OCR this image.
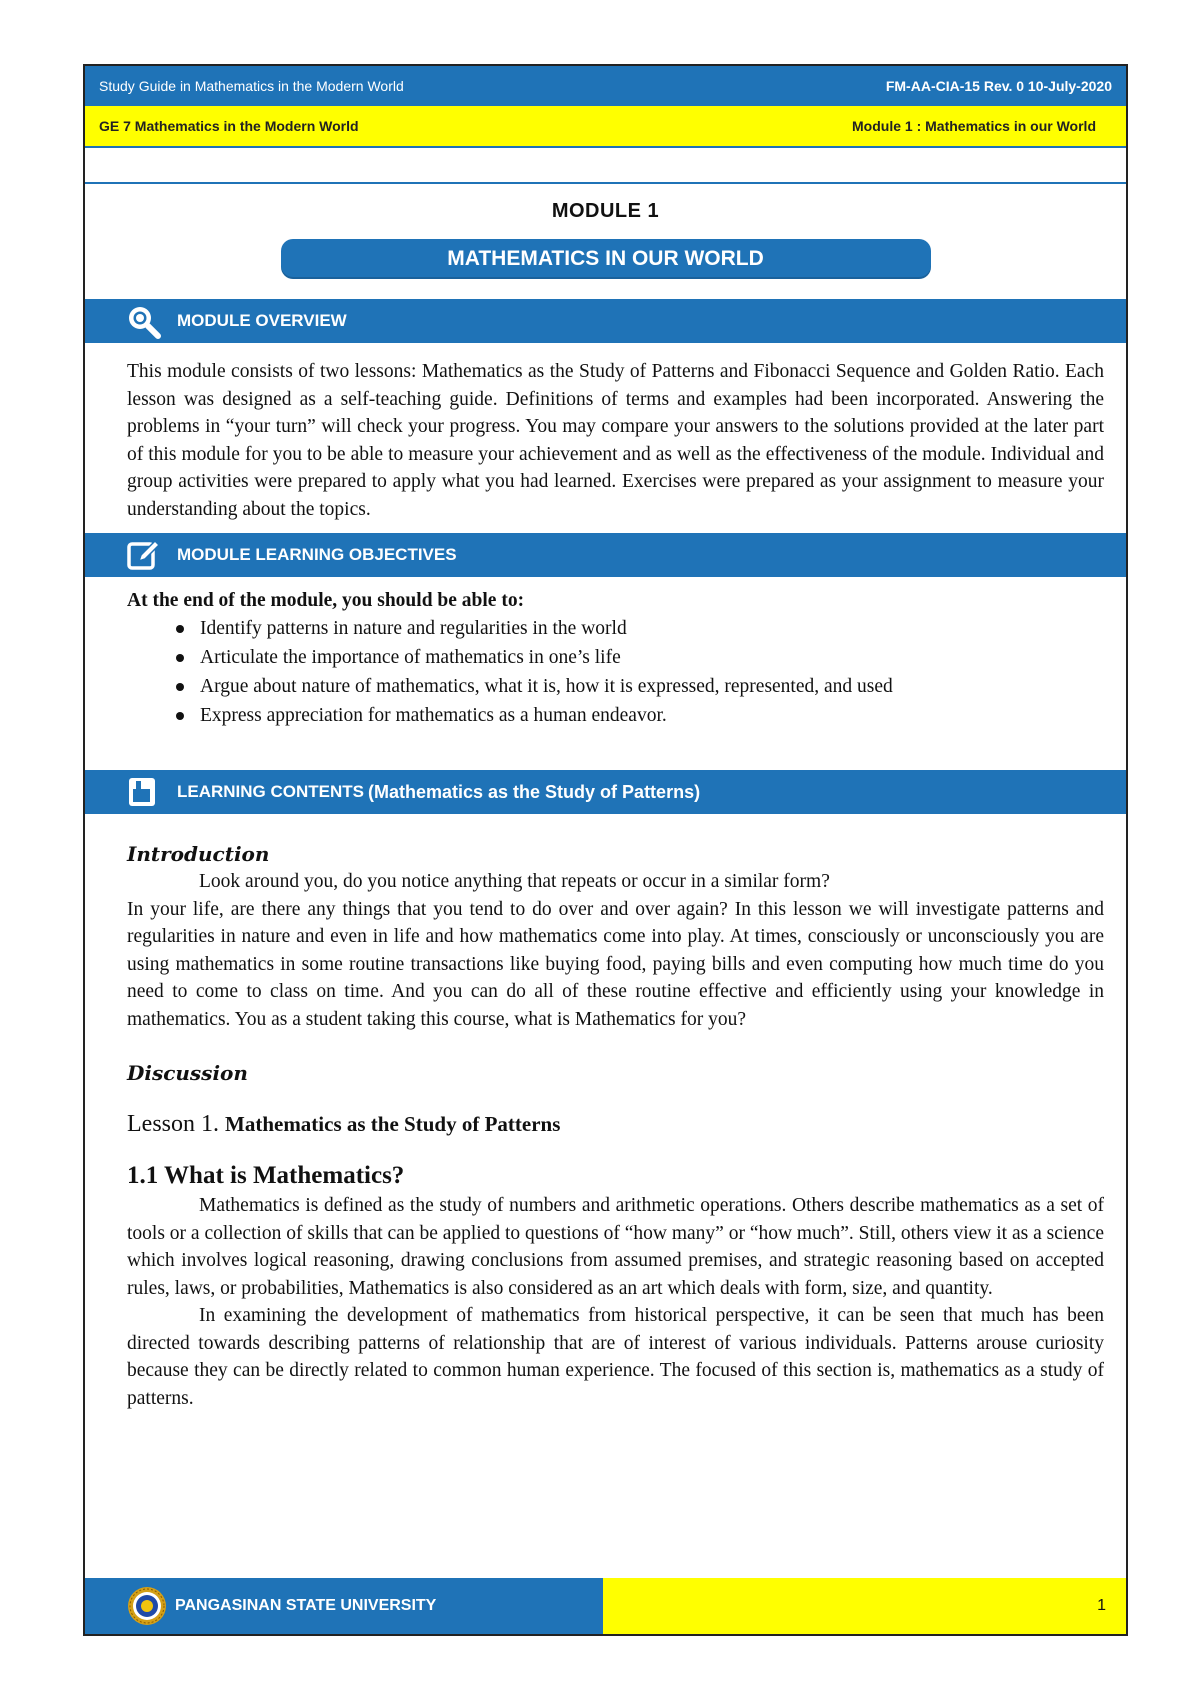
Study Guide in Mathematics in the Modern World	FM-AA-CIA-15 Rev. 0 10-July-2020
GE 7 Mathematics in the Modern World	Module 1 : Mathematics in our World
MODULE 1
MATHEMATICS IN OUR WORLD
MODULE OVERVIEW

This module consists of two lessons: Mathematics as the Study of Patterns and Fibonacci Sequence and Golden Ratio. Each lesson was designed as a self-teaching guide. Definitions of terms and examples had been incorporated. Answering the problems in “your turn” will check your progress. You may compare your answers to the solutions provided at the later part of this module for you to be able to measure your achievement and as well as the effectiveness of the module. Individual and group activities were prepared to apply what you had learned. Exercises were prepared as your assignment to measure your understanding about the topics.

MODULE LEARNING OBJECTIVES
At the end of the module, you should be able to:
Identify patterns in nature and regularities in the world
Articulate the importance of mathematics in one’s life
Argue about nature of mathematics, what it is, how it is expressed, represented, and used
Express appreciation for mathematics as a human endeavor.
LEARNING CONTENTS (Mathematics as the Study of Patterns)
Introduction

Look around you, do you notice anything that repeats or occur in a similar form?
In your life, are there any things that you tend to do over and over again? In this lesson we will investigate patterns and regularities in nature and even in life and how mathematics come into play. At times, consciously or unconsciously you are using mathematics in some routine transactions like buying food, paying bills and even computing how much time do you need to come to class on time. And you can do all of these routine effective and efficiently using your knowledge in mathematics. You as a student taking this course, what is Mathematics for you?

Discussion
Lesson 1. Mathematics as the Study of Patterns
1.1 What is Mathematics?

Mathematics is defined as the study of numbers and arithmetic operations. Others describe mathematics as a set of tools or a collection of skills that can be applied to questions of “how many” or “how much”. Still, others view it as a science which involves logical reasoning, drawing conclusions from assumed premises, and strategic reasoning based on accepted rules, laws, or probabilities, Mathematics is also considered as an art which deals with form, size, and quantity.

In examining the development of mathematics from historical perspective, it can be seen that much has been directed towards describing patterns of relationship that are of interest of various individuals. Patterns arouse curiosity because they can be directly related to common human experience. The focused of this section is, mathematics as a study of patterns.

PANGASINAN STATE UNIVERSITY	1
